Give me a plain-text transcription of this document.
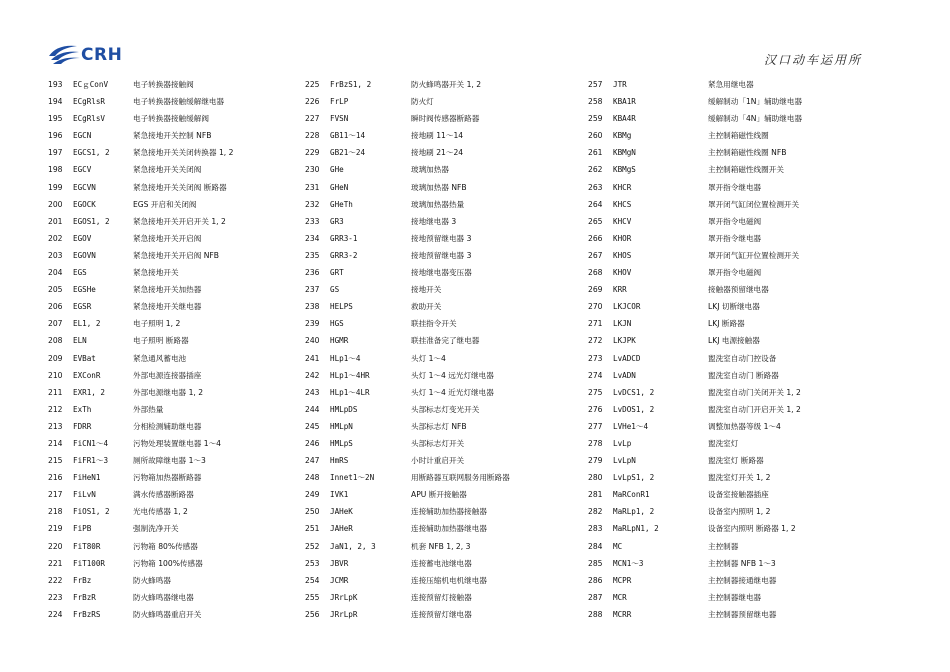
CRH	汉口动车运用所
193 ECｇConV	电子转换器接触阀
194 ECgRlsR	电子转换器接触缓解继电器
195 ECgRlsV	电子转换器接触缓解阀
196 EGCN	紧急接地开关控制 NFB
197 EGCS1, 2	紧急接地开关关闭转换器 1, 2
198 EGCV	紧急接地开关关闭阀
199 EGCVN	紧急接地开关关闭阀 断路器
200 EGOCK	EGS 开启和关闭阀
201 EGOS1, 2	紧急接地开关开启开关 1, 2
202 EGOV	紧急接地开关开启阀
203 EGOVN	紧急接地开关开启阀 NFB
204 EGS	紧急接地开关
205 EGSHe	紧急接地开关加热器
206 EGSR	紧急接地开关继电器
207 EL1, 2	电子照明 1, 2
208 ELN	电子照明 断路器
209 EVBat	紧急通风蓄电池
210 EXConR	外部电源连接器插座
211 EXR1, 2	外部电源继电器 1, 2
212 ExTh	外部热量
213 FDRR	分相检测辅助继电器
214 FiCN1～4	污物处理装置继电器 1～4
215 FiFR1～3	厕所故障继电器 1～3
216 FiHeN1	污物箱加热器断路器
217 FiLvN	满水传感器断路器
218 FiOS1, 2	光电传感器 1, 2
219 FiPB	强制洗净开关
220 FiT80R	污物箱 80%传感器
221 FiT100R	污物箱 100%传感器
222 FrBz	防火蜂鸣器
223 FrBzR	防火蜂鸣器继电器
224 FrBzRS	防火蜂鸣器重启开关
225 FrBzS1, 2	防火蜂鸣器开关 1, 2
226 FrLP	防火灯
227 FVSN	瞬时阀传感器断路器
228 GB11～14	接地刷 11～14
229 GB21～24	接地刷 21～24
230 GHe	玻璃加热器
231 GHeN	玻璃加热器 NFB
232 GHeTh	玻璃加热器热量
233 GR3	接地继电器 3
234 GRR3-1	接地预留继电器 3
235 GRR3-2	接地预留继电器 3
236 GRT	接地继电器变压器
237 GS	接地开关
238 HELPS	救助开关
239 HGS	联挂指令开关
240 HGMR	联挂准备完了继电器
241 HLp1～4	头灯 1～4
242 HLp1～4HR	头灯 1～4 远光灯继电器
243 HLp1～4LR	头灯 1～4 近光灯继电器
244 HMLpDS	头部标志灯变光开关
245 HMLpN	头部标志灯 NFB
246 HMLpS	头部标志灯开关
247 HmRS	小时计重启开关
248 Innet1～2N	用断路器互联网服务用断路器
249 IVK1	APU 断开接触器
250 JAHeK	连接辅助加热器接触器
251 JAHeR	连接辅助加热器继电器
252 JaN1, 2, 3	机套 NFB 1, 2, 3
253 JBVR	连接蓄电池继电器
254 JCMR	连接压缩机电机继电器
255 JRrLpK	连接预留灯接触器
256 JRrLpR	连接预留灯继电器
257 JTR	紧急用继电器
258 KBA1R	缓解制动「1N」辅助继电器
259 KBA4R	缓解制动「4N」辅助继电器
260 KBMg	主控制箱磁性线圈
261 KBMgN	主控制箱磁性线圈 NFB
262 KBMgS	主控制箱磁性线圈开关
263 KHCR	罩开指令继电器
264 KHCS	罩开闭气缸闭位置检测开关
265 KHCV	罩开指令电磁阀
266 KHOR	罩开指令继电器
267 KHOS	罩开闭气缸开位置检测开关
268 KHOV	罩开指令电磁阀
269 KRR	接触器预留继电器
270 LKJCOR	LKJ 切断继电器
271 LKJN	LKJ 断路器
272 LKJPK	LKJ 电源接触器
273 LvADCD	盥洗室自动门控设备
274 LvADN	盥洗室自动门 断路器
275 LvDCS1, 2	盥洗室自动门关闭开关 1, 2
276 LvDOS1, 2	盥洗室自动门开启开关 1, 2
277 LVHe1～4	调整加热器等级 1～4
278 LvLp	盥洗室灯
279 LvLpN	盥洗室灯 断路器
280 LvLpS1, 2	盥洗室灯开关 1, 2
281 MaRConR1	设备室接触器插座
282 MaRLp1, 2	设备室内照明 1, 2
283 MaRLpN1, 2	设备室内照明 断路器 1, 2
284 MC	主控制器
285 MCN1～3	主控制器 NFB 1～3
286 MCPR	主控制器接通继电器
287 MCR	主控制器继电器
288 MCRR	主控制器预留继电器
